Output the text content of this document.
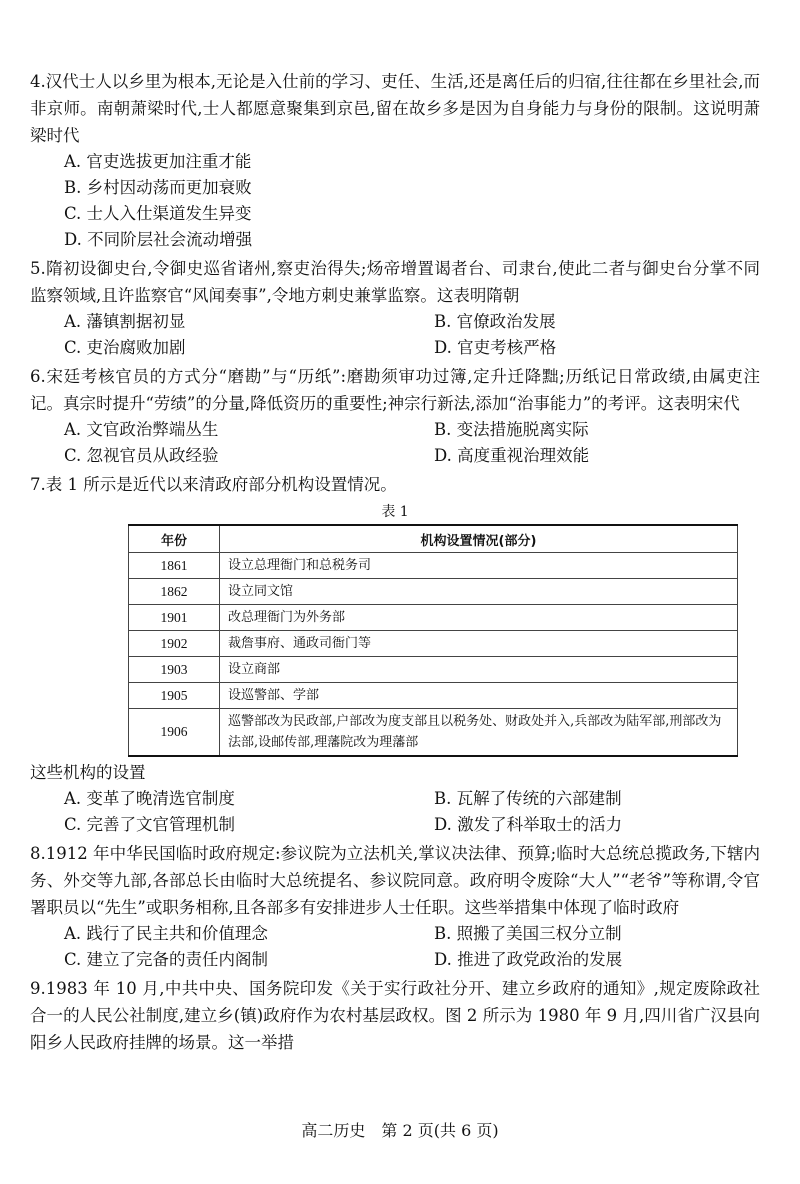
4.汉代士人以乡里为根本,无论是入仕前的学习、吏任、生活,还是离任后的归宿,往往都在乡里社会,而非京师。南朝萧梁时代,士人都愿意聚集到京邑,留在故乡多是因为自身能力与身份的限制。这说明萧梁时代

A. 官吏选拔更加注重才能
B. 乡村因动荡而更加衰败
C. 士人入仕渠道发生异变
D. 不同阶层社会流动增强

5.隋初设御史台,令御史巡省诸州,察吏治得失;炀帝增置谒者台、司隶台,使此二者与御史台分掌不同监察领域,且许监察官“风闻奏事”,令地方刺史兼掌监察。这表明隋朝

A. 藩镇割据初显	B. 官僚政治发展
C. 吏治腐败加剧	D. 官吏考核严格

6.宋廷考核官员的方式分“磨勘”与“历纸”:磨勘须审功过簿,定升迁降黜;历纸记日常政绩,由属吏注记。真宗时提升“劳绩”的分量,降低资历的重要性;神宗行新法,添加“治事能力”的考评。这表明宋代

A. 文官政治弊端丛生	B. 变法措施脱离实际
C. 忽视官员从政经验	D. 高度重视治理效能

7.表 1 所示是近代以来清政府部分机构设置情况。

表 1
年份	机构设置情况(部分)
1861	设立总理衙门和总税务司
1862	设立同文馆
1901	改总理衙门为外务部
1902	裁詹事府、通政司衙门等
1903	设立商部
1905	设巡警部、学部
1906	巡警部改为民政部,户部改为度支部且以税务处、财政处并入,兵部改为陆军部,刑部改为法部,设邮传部,理藩院改为理藩部

这些机构的设置

A. 变革了晚清选官制度	B. 瓦解了传统的六部建制
C. 完善了文官管理机制	D. 激发了科举取士的活力

8.1912 年中华民国临时政府规定:参议院为立法机关,掌议决法律、预算;临时大总统总揽政务,下辖内务、外交等九部,各部总长由临时大总统提名、参议院同意。政府明令废除“大人”“老爷”等称谓,令官署职员以“先生”或职务相称,且各部多有安排进步人士任职。这些举措集中体现了临时政府

A. 践行了民主共和价值理念	B. 照搬了美国三权分立制
C. 建立了完备的责任内阁制	D. 推进了政党政治的发展

9.1983 年 10 月,中共中央、国务院印发《关于实行政社分开、建立乡政府的通知》,规定废除政社合一的人民公社制度,建立乡(镇)政府作为农村基层政权。图 2 所示为 1980 年 9 月,四川省广汉县向阳乡人民政府挂牌的场景。这一举措

高二历史　第 2 页(共 6 页)
